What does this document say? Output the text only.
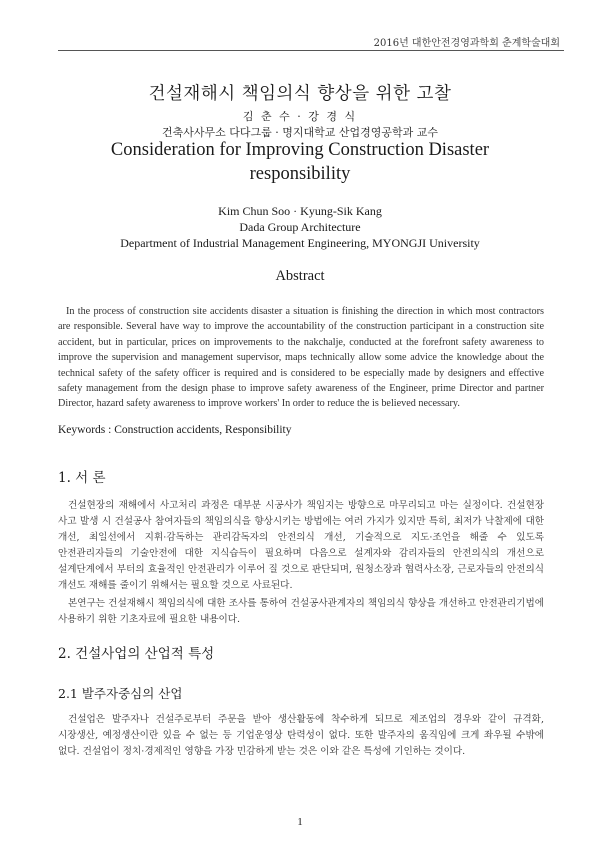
2016년 대한안전경영과학회 춘계학술대회
건설재해시 책임의식 향상을 위한 고찰
김 춘 수 · 강 경 식
건축사사무소 다다그룹 · 명지대학교 산업경영공학과 교수
Consideration for Improving Construction Disaster
responsibility
Kim Chun Soo · Kyung-Sik Kang
Dada Group Architecture
Department of Industrial Management Engineering, MYONGJI University
Abstract
In the process of construction site accidents disaster a situation is finishing the direction in which most contractors are responsible. Several have way to improve the accountability of the construction participant in a construction site accident, but in particular, prices on improvements to the nakchalje, conducted at the forefront safety awareness to improve the supervision and management supervisor, maps technically allow some advice the knowledge about the technical safety of the safety officer is required and is considered to be especially made by designers and effective safety management from the design phase to improve safety awareness of the Engineer, prime Director and partner Director, hazard safety awareness to improve workers' In order to reduce the is believed necessary.
Keywords : Construction accidents, Responsibility
1. 서 론
건설현장의 재해에서 사고처리 과정은 대부분 시공사가 책임지는 방향으로 마무리되고 마는 실정이다. 건설현장 사고 발생 시 건설공사 참여자들의 책임의식을 향상시키는 방법에는 여러 가지가 있지만 특히, 최저가 낙찰제에 대한 개선, 최일선에서 지휘·감독하는 관리감독자의 안전의식 개선, 기술적으로 지도·조언을 해줄 수 있도록 안전관리자들의 기술안전에 대한 지식습득이 필요하며 다음으로 설계자와 감리자들의 안전의식의 개선으로 설계단계에서 부터의 효율적인 안전관리가 이루어 질 것으로 판단되며, 원청소장과 협력사소장, 근로자들의 안전의식 개선도 재해를 줄이기 위해서는 필요할 것으로 사료된다.
본연구는 건설재해시 책임의식에 대한 조사를 통하여 건설공사관계자의 책임의식 향상을 개선하고 안전관리기법에 사용하기 위한 기초자료에 필요한 내용이다.
2. 건설사업의 산업적 특성
2.1 발주자중심의 산업
건설업은 발주자나 건설주로부터 주문을 받아 생산활동에 착수하게 되므로 제조업의 경우와 같이 규격화, 시장생산, 예정생산이란 있을 수 없는 등 기업운영상 탄력성이 없다. 또한 발주자의 움직임에 크게 좌우될 수밖에 없다. 건설업이 정치·경제적인 영향을 가장 민감하게 받는 것은 이와 같은 특성에 기인하는 것이다.
1
